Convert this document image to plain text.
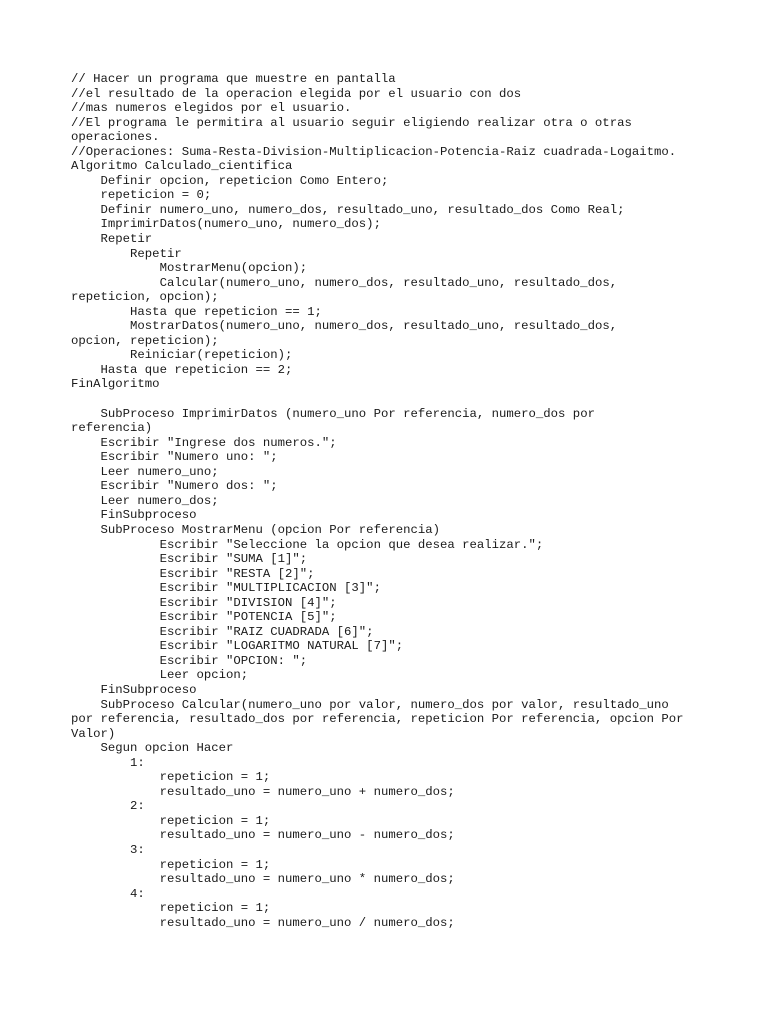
// Hacer un programa que muestre en pantalla
//el resultado de la operacion elegida por el usuario con dos
//mas numeros elegidos por el usuario.
//El programa le permitira al usuario seguir eligiendo realizar otra o otras
operaciones.
//Operaciones: Suma-Resta-Division-Multiplicacion-Potencia-Raiz cuadrada-Logaitmo.
Algoritmo Calculado_cientifica
	Definir opcion, repeticion Como Entero;
	repeticion = 0;
	Definir numero_uno, numero_dos, resultado_uno, resultado_dos Como Real;
	ImprimirDatos(numero_uno, numero_dos);
	Repetir
		Repetir
			MostrarMenu(opcion);
			Calcular(numero_uno, numero_dos, resultado_uno, resultado_dos,
repeticion, opcion);
		Hasta que repeticion == 1;
		MostrarDatos(numero_uno, numero_dos, resultado_uno, resultado_dos,
opcion, repeticion);
		Reiniciar(repeticion);
	Hasta que repeticion == 2;
FinAlgoritmo

	SubProceso ImprimirDatos (numero_uno Por referencia, numero_dos por
referencia)
	Escribir "Ingrese dos numeros.";
	Escribir "Numero uno: ";
	Leer numero_uno;
	Escribir "Numero dos: ";
	Leer numero_dos;
	FinSubproceso
	SubProceso MostrarMenu (opcion Por referencia)
			Escribir "Seleccione la opcion que desea realizar.";
			Escribir "SUMA [1]";
			Escribir "RESTA [2]";
			Escribir "MULTIPLICACION [3]";
			Escribir "DIVISION [4]";
			Escribir "POTENCIA [5]";
			Escribir "RAIZ CUADRADA [6]";
			Escribir "LOGARITMO NATURAL [7]";
			Escribir "OPCION: ";
			Leer opcion;
	FinSubproceso
	SubProceso Calcular(numero_uno por valor, numero_dos por valor, resultado_uno
por referencia, resultado_dos por referencia, repeticion Por referencia, opcion Por
Valor)
	Segun opcion Hacer
		1:
			repeticion = 1;
			resultado_uno = numero_uno + numero_dos;
		2:
			repeticion = 1;
			resultado_uno = numero_uno - numero_dos;
		3:
			repeticion = 1;
			resultado_uno = numero_uno * numero_dos;
		4:
			repeticion = 1;
			resultado_uno = numero_uno / numero_dos;
